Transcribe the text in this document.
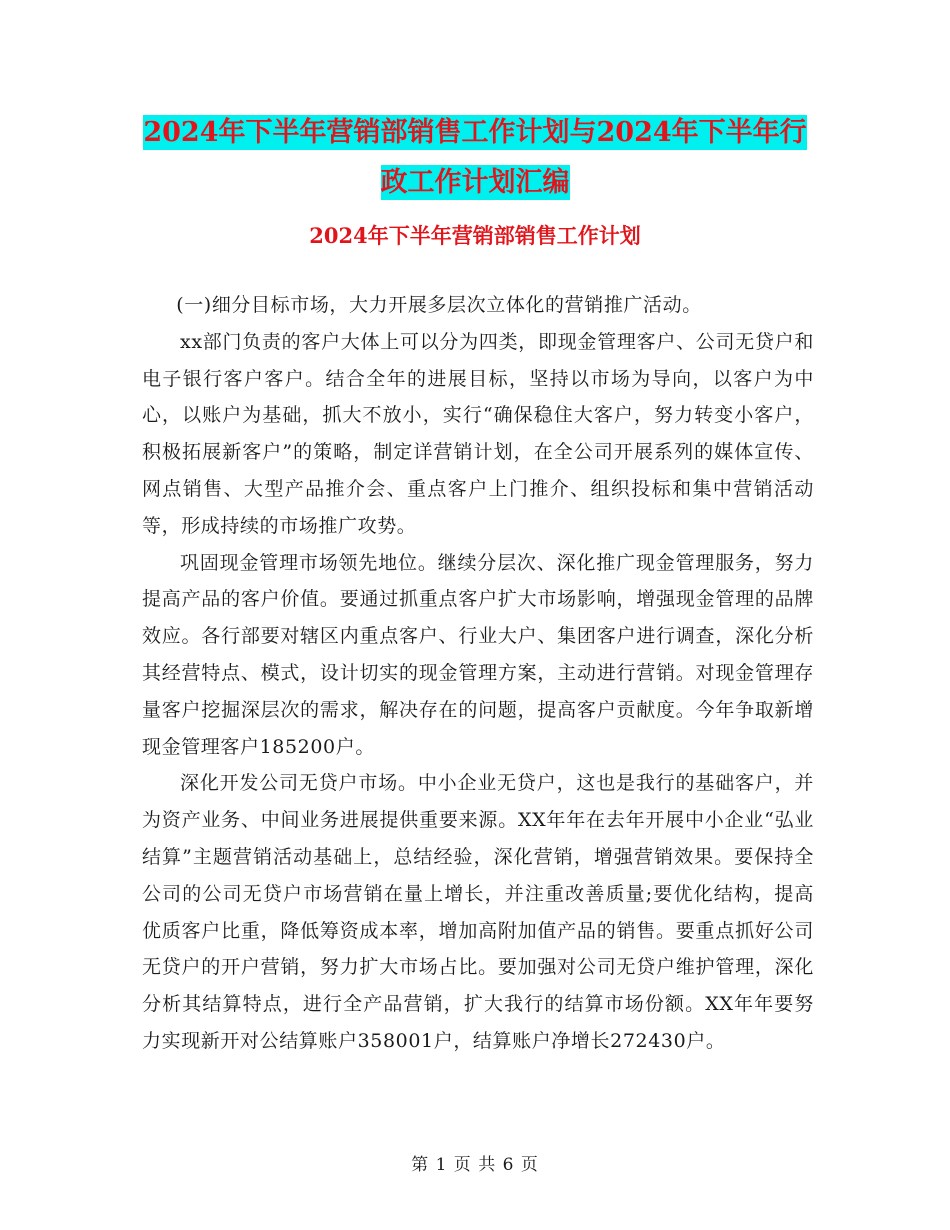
2024年下半年营销部销售工作计划与2024年下半年行
政工作计划汇编
2024年下半年营销部销售工作计划

(一)细分目标市场，大力开展多层次立体化的营销推广活动。

xx部门负责的客户大体上可以分为四类，即现金管理客户、公司无贷户和电子银行客户客户。结合全年的进展目标，坚持以市场为导向，以客户为中心，以账户为基础，抓大不放小，实行“确保稳住大客户，努力转变小客户，积极拓展新客户”的策略，制定详营销计划，在全公司开展系列的媒体宣传、网点销售、大型产品推介会、重点客户上门推介、组织投标和集中营销活动等，形成持续的市场推广攻势。

巩固现金管理市场领先地位。继续分层次、深化推广现金管理服务，努力提高产品的客户价值。要通过抓重点客户扩大市场影响，增强现金管理的品牌效应。各行部要对辖区内重点客户、行业大户、集团客户进行调查，深化分析其经营特点、模式，设计切实的现金管理方案，主动进行营销。对现金管理存量客户挖掘深层次的需求，解决存在的问题，提高客户贡献度。今年争取新增现金管理客户185200户。

深化开发公司无贷户市场。中小企业无贷户，这也是我行的基础客户，并为资产业务、中间业务进展提供重要来源。XX年年在去年开展中小企业“弘业结算”主题营销活动基础上，总结经验，深化营销，增强营销效果。要保持全公司的公司无贷户市场营销在量上增长，并注重改善质量;要优化结构，提高优质客户比重，降低筹资成本率，增加高附加值产品的销售。要重点抓好公司无贷户的开户营销，努力扩大市场占比。要加强对公司无贷户维护管理，深化分析其结算特点，进行全产品营销，扩大我行的结算市场份额。XX年年要努力实现新开对公结算账户358001户，结算账户净增长272430户。

第 1 页 共 6 页
